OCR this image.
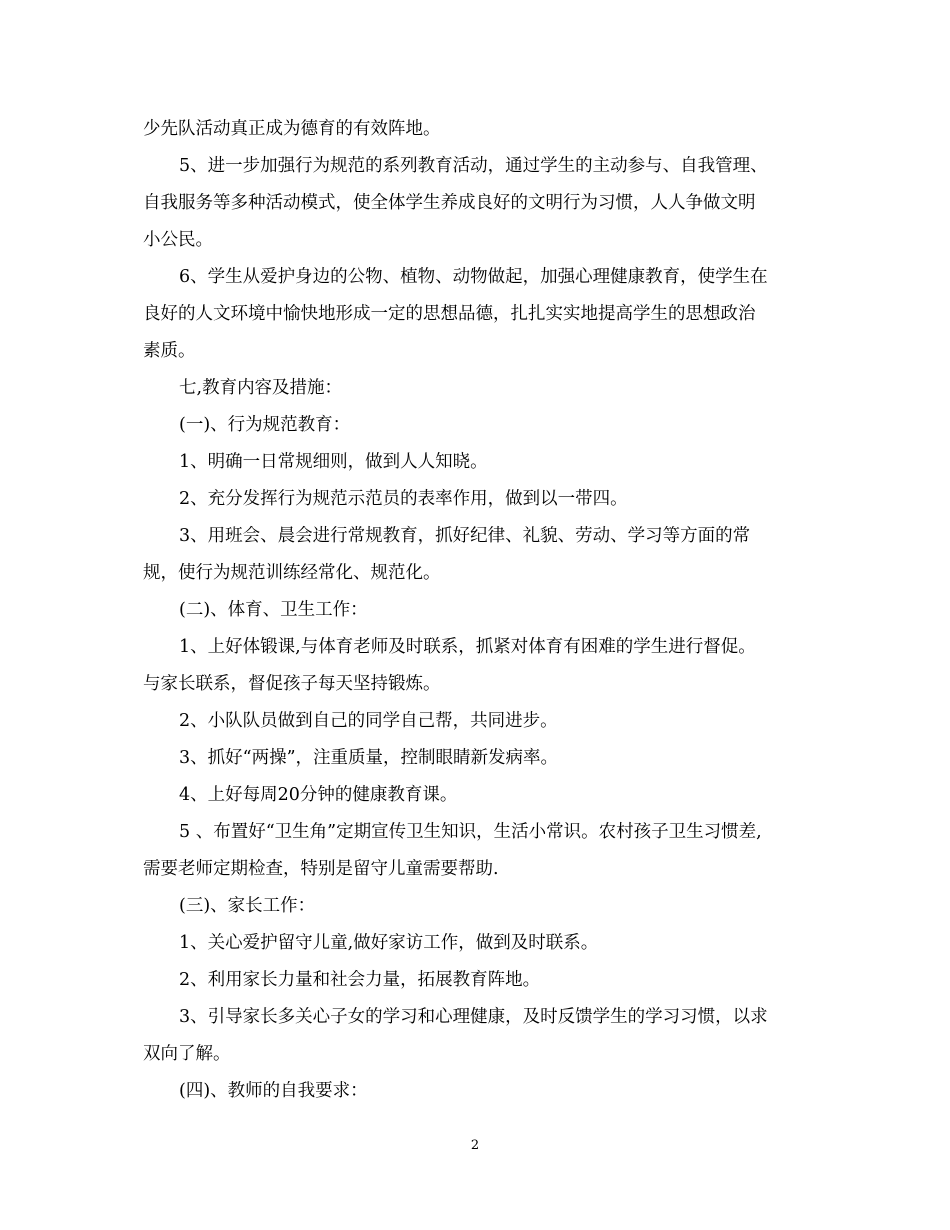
少先队活动真正成为德育的有效阵地。
5、进一步加强行为规范的系列教育活动，通过学生的主动参与、自我管理、
自我服务等多种活动模式，使全体学生养成良好的文明行为习惯，人人争做文明
小公民。
6、学生从爱护身边的公物、植物、动物做起，加强心理健康教育，使学生在
良好的人文环境中愉快地形成一定的思想品德，扎扎实实地提高学生的思想政治
素质。
七,教育内容及措施：
(一)、行为规范教育：
1、明确一日常规细则，做到人人知晓。
2、充分发挥行为规范示范员的表率作用，做到以一带四。
3、用班会、晨会进行常规教育，抓好纪律、礼貌、劳动、学习等方面的常
规，使行为规范训练经常化、规范化。
(二)、体育、卫生工作：
1、上好体锻课,与体育老师及时联系，抓紧对体育有困难的学生进行督促。
与家长联系，督促孩子每天坚持锻炼。
2、小队队员做到自己的同学自己帮，共同进步。
3、抓好“两操”，注重质量，控制眼睛新发病率。
4、上好每周20分钟的健康教育课。
5 、布置好“卫生角”定期宣传卫生知识，生活小常识。农村孩子卫生习惯差,
需要老师定期检查，特别是留守儿童需要帮助.
(三)、家长工作：
1、关心爱护留守儿童,做好家访工作，做到及时联系。
2、利用家长力量和社会力量，拓展教育阵地。
3、引导家长多关心子女的学习和心理健康，及时反馈学生的学习习惯，以求
双向了解。
(四)、教师的自我要求：
2
